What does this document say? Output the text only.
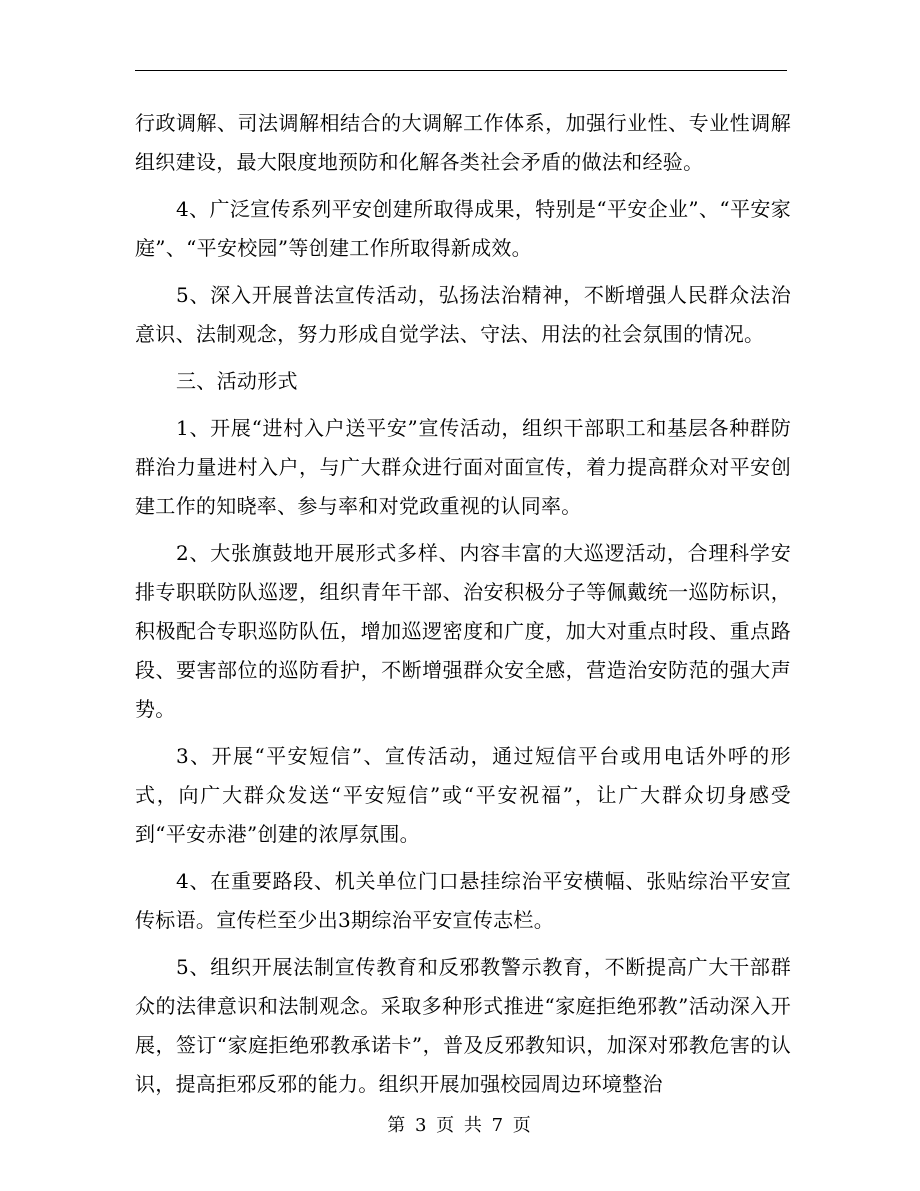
行政调解、司法调解相结合的大调解工作体系，加强行业性、专业性调解组织建设，最大限度地预防和化解各类社会矛盾的做法和经验。

4、广泛宣传系列平安创建所取得成果，特别是“平安企业”、“平安家庭”、“平安校园”等创建工作所取得新成效。

5、深入开展普法宣传活动，弘扬法治精神，不断增强人民群众法治意识、法制观念，努力形成自觉学法、守法、用法的社会氛围的情况。

三、活动形式

1、开展“进村入户送平安”宣传活动，组织干部职工和基层各种群防群治力量进村入户，与广大群众进行面对面宣传，着力提高群众对平安创建工作的知晓率、参与率和对党政重视的认同率。

2、大张旗鼓地开展形式多样、内容丰富的大巡逻活动，合理科学安排专职联防队巡逻，组织青年干部、治安积极分子等佩戴统一巡防标识，积极配合专职巡防队伍，增加巡逻密度和广度，加大对重点时段、重点路段、要害部位的巡防看护，不断增强群众安全感，营造治安防范的强大声势。

3、开展“平安短信”、宣传活动，通过短信平台或用电话外呼的形式，向广大群众发送“平安短信”或“平安祝福”，让广大群众切身感受到“平安赤港”创建的浓厚氛围。

4、在重要路段、机关单位门口悬挂综治平安横幅、张贴综治平安宣传标语。宣传栏至少出3期综治平安宣传志栏。

5、组织开展法制宣传教育和反邪教警示教育，不断提高广大干部群众的法律意识和法制观念。采取多种形式推进“家庭拒绝邪教”活动深入开展，签订“家庭拒绝邪教承诺卡”，普及反邪教知识，加深对邪教危害的认识，提高拒邪反邪的能力。组织开展加强校园周边环境整治

第 3 页 共 7 页
